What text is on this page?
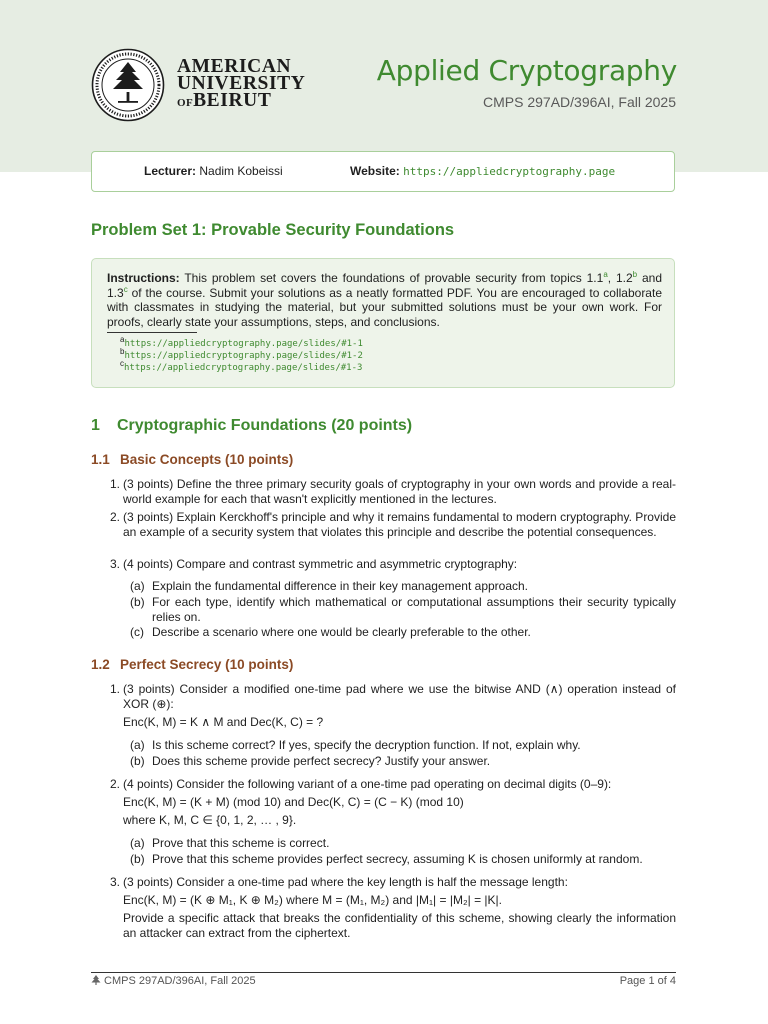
AMERICAN
UNIVERSITY
OFBEIRUT
Applied Cryptography
CMPS 297AD/396AI, Fall 2025
Lecturer: Nadim Kobeissi	Website: https://appliedcryptography.page
Problem Set 1: Provable Security Foundations
Instructions: This problem set covers the foundations of provable security from topics 1.1$^a$, 1.2$^b$ and 1.3$^c$ of the course. Submit your solutions as a neatly formatted PDF. You are encouraged to collaborate with classmates in studying the material, but your submitted solutions must be your own work. For proofs, clearly state your assumptions, steps, and conclusions.
$^a$https://appliedcryptography.page/slides/#1-1
$^b$https://appliedcryptography.page/slides/#1-2
$^c$https://appliedcryptography.page/slides/#1-3
1 Cryptographic Foundations (20 points)
1.1 Basic Concepts (10 points)
1. (3 points) Define the three primary security goals of cryptography in your own words and provide a real-world example for each that wasn't explicitly mentioned in the lectures.
2. (3 points) Explain Kerckhoff's principle and why it remains fundamental to modern cryptography. Provide an example of a security system that violates this principle and describe the potential consequences.
3. (4 points) Compare and contrast symmetric and asymmetric cryptography:
(a) Explain the fundamental difference in their key management approach.
(b) For each type, identify which mathematical or computational assumptions their security typically relies on.
(c) Describe a scenario where one would be clearly preferable to the other.
1.2 Perfect Secrecy (10 points)
1. (3 points) Consider a modified one-time pad where we use the bitwise AND (∧) operation instead of XOR (⊕):
Enc(K, M) = K ∧ M and Dec(K, C) = ?
(a) Is this scheme correct? If yes, specify the decryption function. If not, explain why.
(b) Does this scheme provide perfect secrecy? Justify your answer.
2. (4 points) Consider the following variant of a one-time pad operating on decimal digits (0–9):
Enc(K, M) = (K + M) (mod 10) and Dec(K, C) = (C − K) (mod 10)
where K, M, C ∈ {0, 1, 2, … , 9}.
(a) Prove that this scheme is correct.
(b) Prove that this scheme provides perfect secrecy, assuming K is chosen uniformly at random.
3. (3 points) Consider a one-time pad where the key length is half the message length:
Enc(K, M) = (K ⊕ M₁, K ⊕ M₂) where M = (M₁, M₂) and |M₁| = |M₂| = |K|.
Provide a specific attack that breaks the confidentiality of this scheme, showing clearly the information an attacker can extract from the ciphertext.
CMPS 297AD/396AI, Fall 2025	Page 1 of 4
